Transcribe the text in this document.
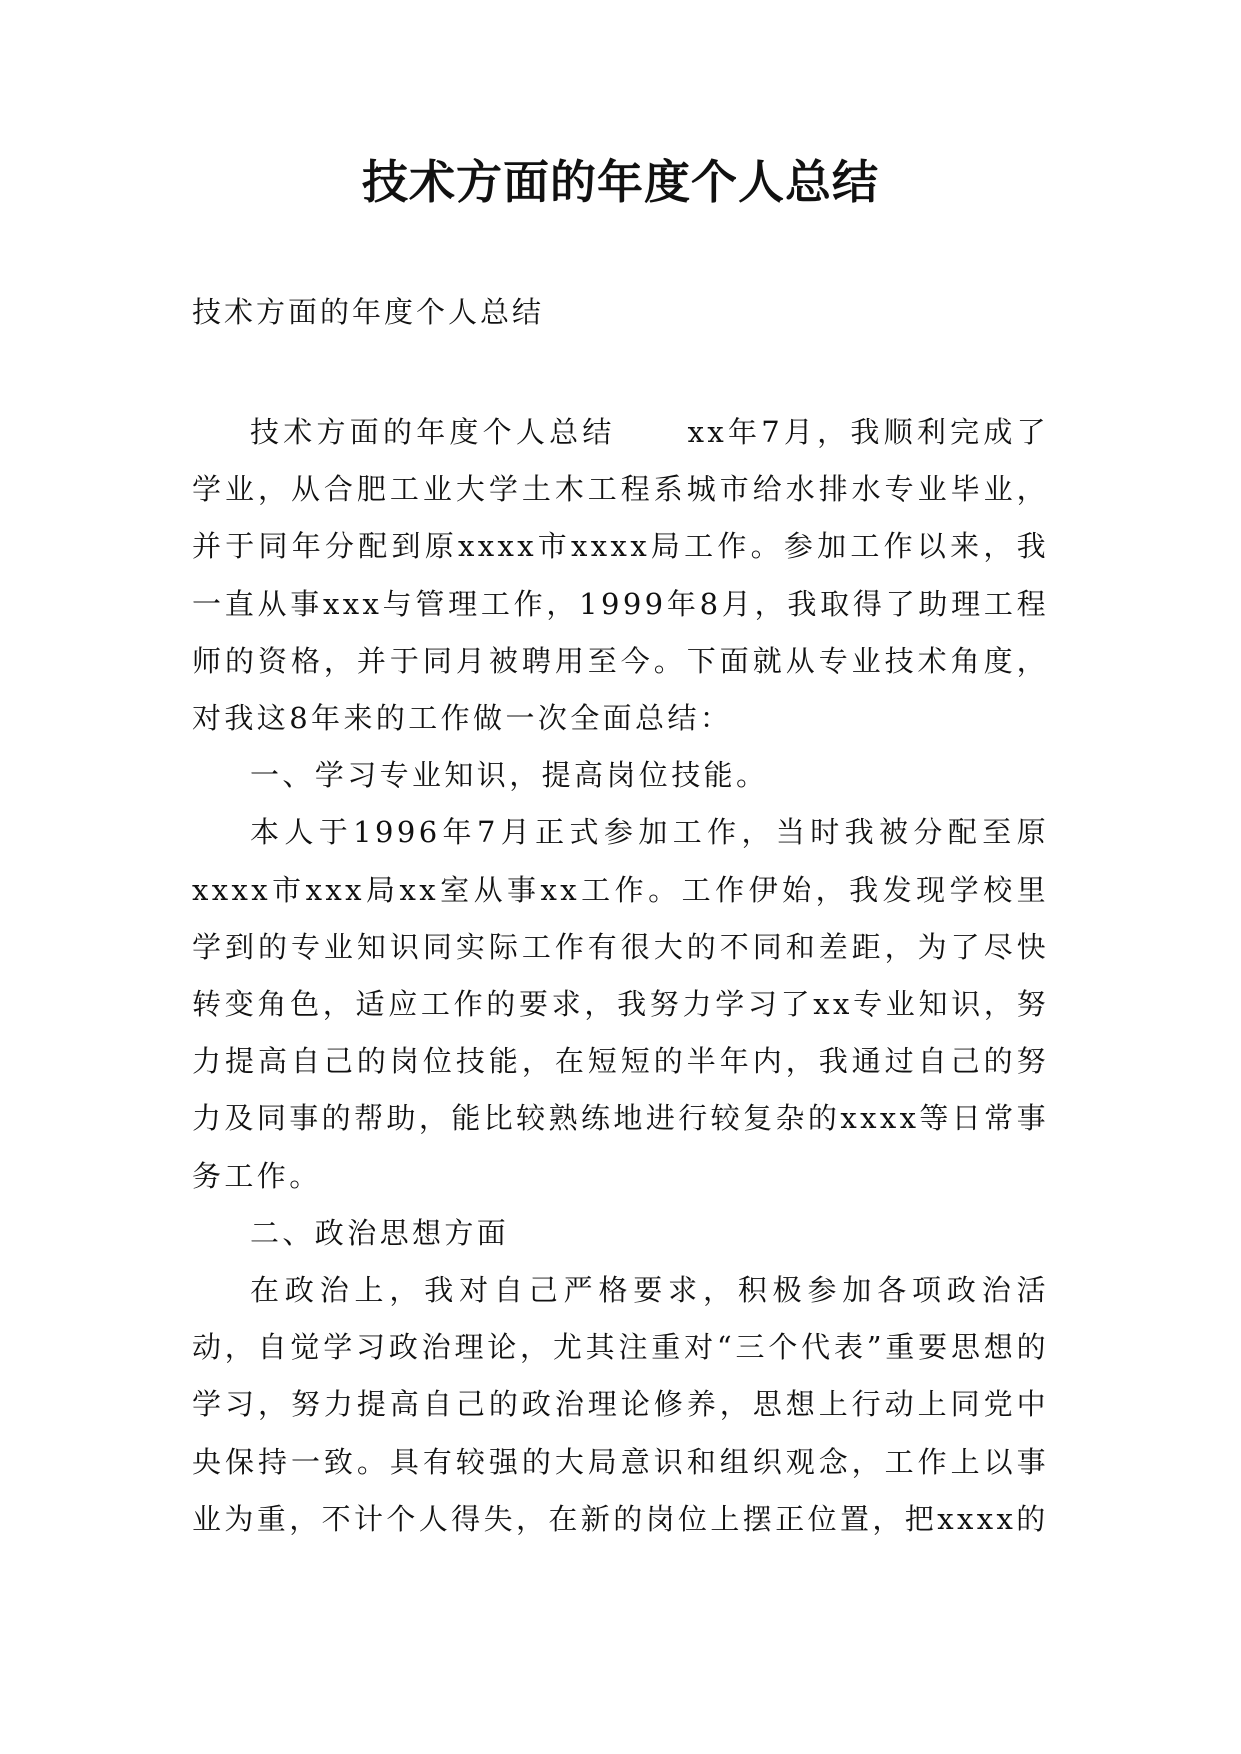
技术方面的年度个人总结

技术方面的年度个人总结

技术方面的年度个人总结 xx年7月，我顺利完成了学业，从合肥工业大学土木工程系城市给水排水专业毕业，并于同年分配到原xxxx市xxxx局工作。参加工作以来，我一直从事xxx与管理工作，1999年8月，我取得了助理工程师的资格，并于同月被聘用至今。下面就从专业技术角度，对我这8年来的工作做一次全面总结：

一、学习专业知识，提高岗位技能。

本人于1996年7月正式参加工作，当时我被分配至原xxxx市xxx局xx室从事xx工作。工作伊始，我发现学校里学到的专业知识同实际工作有很大的不同和差距，为了尽快转变角色，适应工作的要求，我努力学习了xx专业知识，努力提高自己的岗位技能，在短短的半年内，我通过自己的努力及同事的帮助，能比较熟练地进行较复杂的xxxx等日常事务工作。

二、政治思想方面

在政治上，我对自己严格要求，积极参加各项政治活动，自觉学习政治理论，尤其注重对“三个代表”重要思想的学习，努力提高自己的政治理论修养，思想上行动上同党中央保持一致。具有较强的大局意识和组织观念，工作上以事业为重，不计个人得失，在新的岗位上摆正位置，把xxxx的
